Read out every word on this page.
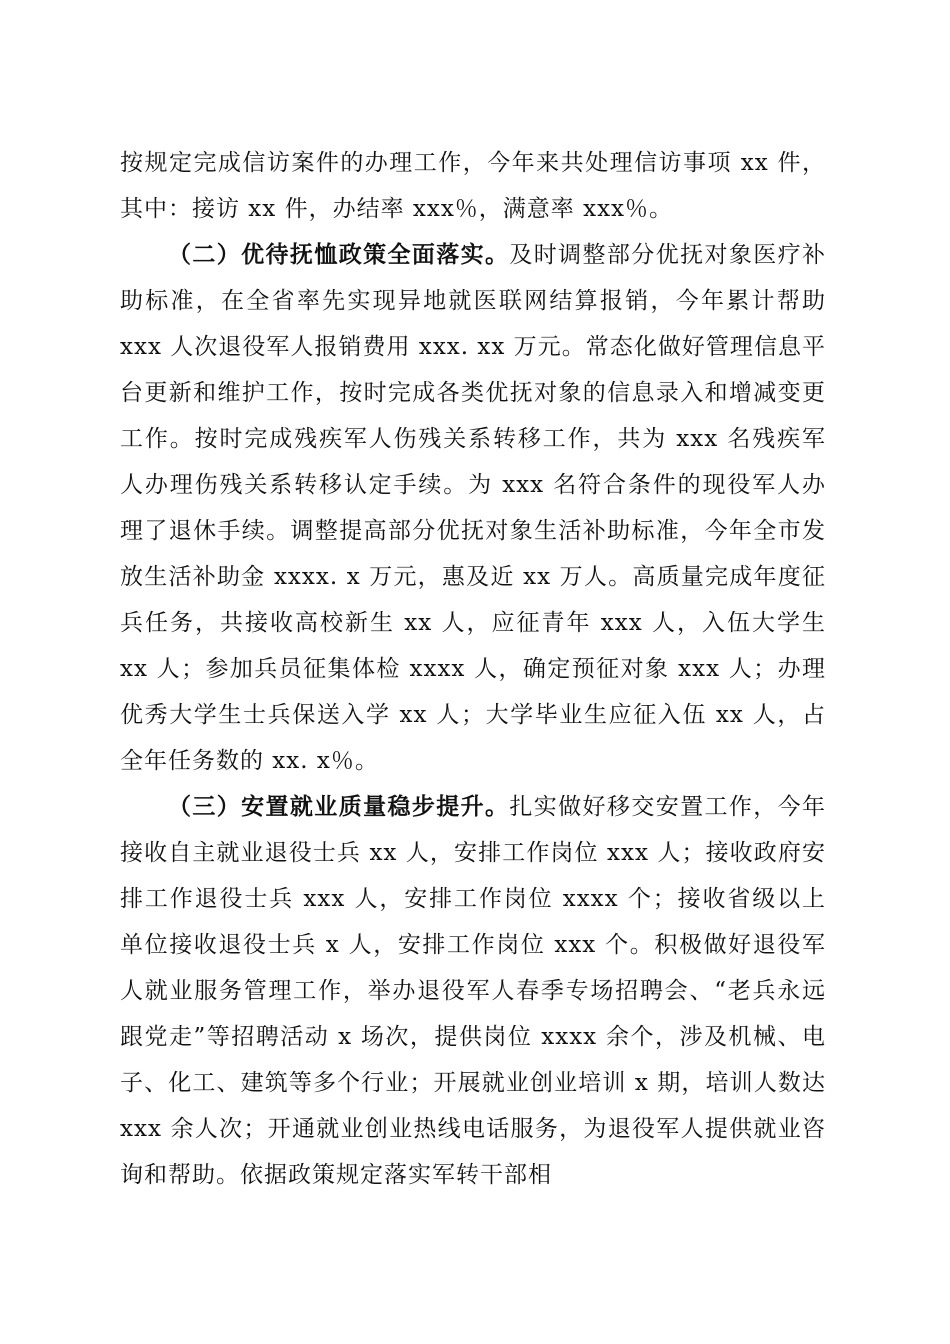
按规定完成信访案件的办理工作，今年来共处理信访事项 xx 件，其中：接访 xx 件，办结率 xxx％，满意率 xxx％。

（二）优待抚恤政策全面落实。及时调整部分优抚对象医疗补助标准，在全省率先实现异地就医联网结算报销，今年累计帮助 xxx 人次退役军人报销费用 xxx. xx 万元。常态化做好管理信息平台更新和维护工作，按时完成各类优抚对象的信息录入和增减变更工作。按时完成残疾军人伤残关系转移工作，共为 xxx 名残疾军人办理伤残关系转移认定手续。为 xxx 名符合条件的现役军人办理了退休手续。调整提高部分优抚对象生活补助标准，今年全市发放生活补助金 xxxx. x 万元，惠及近 xx 万人。高质量完成年度征兵任务，共接收高校新生 xx 人，应征青年 xxx 人，入伍大学生 xx 人；参加兵员征集体检 xxxx 人，确定预征对象 xxx 人；办理优秀大学生士兵保送入学 xx 人；大学毕业生应征入伍 xx 人，占全年任务数的 xx. x％。

（三）安置就业质量稳步提升。扎实做好移交安置工作，今年接收自主就业退役士兵 xx 人，安排工作岗位 xxx 人；接收政府安排工作退役士兵 xxx 人，安排工作岗位 xxxx 个；接收省级以上单位接收退役士兵 x 人，安排工作岗位 xxx 个。积极做好退役军人就业服务管理工作，举办退役军人春季专场招聘会、“老兵永远跟党走”等招聘活动 x 场次，提供岗位 xxxx 余个，涉及机械、电子、化工、建筑等多个行业；开展就业创业培训 x 期，培训人数达 xxx 余人次；开通就业创业热线电话服务，为退役军人提供就业咨询和帮助。依据政策规定落实军转干部相
